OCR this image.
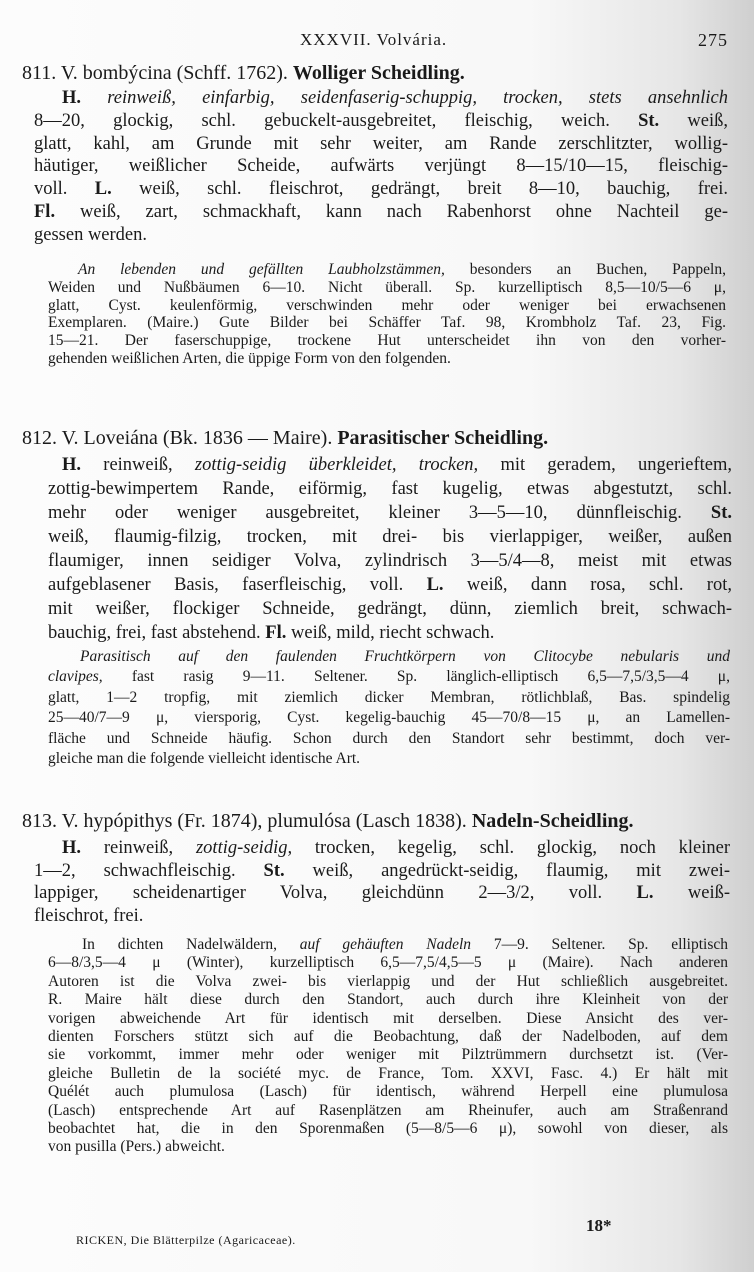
XXXVII. Volvária.	275
811. V. bombýcina (Schff. 1762). Wolliger Scheidling.
H. reinweiß, einfarbig, seidenfaserig-schuppig, trocken, stets ansehnlich
8—20, glockig, schl. gebuckelt-ausgebreitet, fleischig, weich. St. weiß,
glatt, kahl, am Grunde mit sehr weiter, am Rande zerschlitzter, wollig-
häutiger, weißlicher Scheide, aufwärts verjüngt 8—15/10—15, fleischig-
voll. L. weiß, schl. fleischrot, gedrängt, breit 8—10, bauchig, frei.
Fl. weiß, zart, schmackhaft, kann nach Rabenhorst ohne Nachteil ge-
gessen werden.
An lebenden und gefällten Laubholzstämmen, besonders an Buchen, Pappeln,
Weiden und Nußbäumen 6—10. Nicht überall. Sp. kurzelliptisch 8,5—10/5—6 μ,
glatt, Cyst. keulenförmig, verschwinden mehr oder weniger bei erwachsenen
Exemplaren. (Maire.) Gute Bilder bei Schäffer Taf. 98, Krombholz Taf. 23, Fig.
15—21. Der faserschuppige, trockene Hut unterscheidet ihn von den vorher-
gehenden weißlichen Arten, die üppige Form von den folgenden.
812. V. Loveiána (Bk. 1836 — Maire). Parasitischer Scheidling.
H. reinweiß, zottig-seidig überkleidet, trocken, mit geradem, ungerieftem,
zottig-bewimpertem Rande, eiförmig, fast kugelig, etwas abgestutzt, schl.
mehr oder weniger ausgebreitet, kleiner 3—5—10, dünnfleischig. St.
weiß, flaumig-filzig, trocken, mit drei- bis vierlappiger, weißer, außen
flaumiger, innen seidiger Volva, zylindrisch 3—5/4—8, meist mit etwas
aufgeblasener Basis, faserfleischig, voll. L. weiß, dann rosa, schl. rot,
mit weißer, flockiger Schneide, gedrängt, dünn, ziemlich breit, schwach-
bauchig, frei, fast abstehend. Fl. weiß, mild, riecht schwach.
Parasitisch auf den faulenden Fruchtkörpern von Clitocybe nebularis und
clavipes, fast rasig 9—11. Seltener. Sp. länglich-elliptisch 6,5—7,5/3,5—4 μ,
glatt, 1—2 tropfig, mit ziemlich dicker Membran, rötlichblaß, Bas. spindelig
25—40/7—9 μ, viersporig, Cyst. kegelig-bauchig 45—70/8—15 μ, an Lamellen-
fläche und Schneide häufig. Schon durch den Standort sehr bestimmt, doch ver-
gleiche man die folgende vielleicht identische Art.
813. V. hypópithys (Fr. 1874), plumulósa (Lasch 1838). Nadeln-Scheidling.
H. reinweiß, zottig-seidig, trocken, kegelig, schl. glockig, noch kleiner
1—2, schwachfleischig. St. weiß, angedrückt-seidig, flaumig, mit zwei-
lappiger, scheidenartiger Volva, gleichdünn 2—3/2, voll. L. weiß-
fleischrot, frei.
In dichten Nadelwäldern, auf gehäuften Nadeln 7—9. Seltener. Sp. elliptisch
6—8/3,5—4 μ (Winter), kurzelliptisch 6,5—7,5/4,5—5 μ (Maire). Nach anderen
Autoren ist die Volva zwei- bis vierlappig und der Hut schließlich ausgebreitet.
R. Maire hält diese durch den Standort, auch durch ihre Kleinheit von der
vorigen abweichende Art für identisch mit derselben. Diese Ansicht des ver-
dienten Forschers stützt sich auf die Beobachtung, daß der Nadelboden, auf dem
sie vorkommt, immer mehr oder weniger mit Pilztrümmern durchsetzt ist. (Ver-
gleiche Bulletin de la société myc. de France, Tom. XXVI, Fasc. 4.) Er hält mit
Quélét auch plumulosa (Lasch) für identisch, während Herpell eine plumulosa
(Lasch) entsprechende Art auf Rasenplätzen am Rheinufer, auch am Straßenrand
beobachtet hat, die in den Sporenmaßen (5—8/5—6 μ), sowohl von dieser, als
von pusilla (Pers.) abweicht.
RICKEN, Die Blätterpilze (Agaricaceae).
18*
